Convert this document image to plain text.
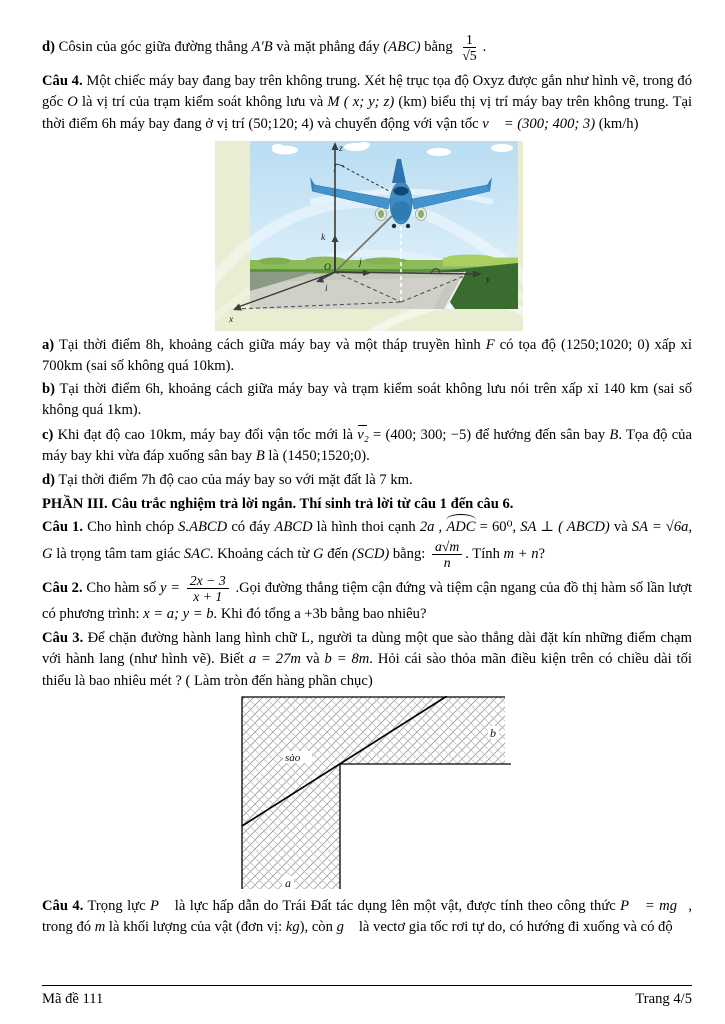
d) Côsin của góc giữa đường thẳng A′B và mặt phẳng đáy (ABC) bằng $\frac{1}{√5}$ .

Câu 4. Một chiếc máy bay đang bay trên không trung. Xét hệ trục tọa độ Oxyz được gắn như hình vẽ, trong đó gốc O là vị trí của trạm kiểm soát không lưu và M ( x; y; z) (km) biểu thị vị trí máy bay trên không trung. Tại thời điểm 6h máy bay đang ở vị trí (50;120; 4) và chuyển động với vận tốc v⃗ = (300; 400; 3) (km/h)

z
x
y
O
k⃗
i⃗
j⃗

a) Tại thời điểm 8h, khoảng cách giữa máy bay và một tháp truyền hình F có tọa độ (1250;1020; 0) xấp xỉ 700km (sai số không quá 10km).

b) Tại thời điểm 6h, khoảng cách giữa máy bay và trạm kiểm soát không lưu nói trên xấp xỉ 140 km (sai số không quá 1km).

c) Khi đạt độ cao 10km, máy bay đổi vận tốc mới là v₂ = (400; 300; −5) để hướng đến sân bay B. Tọa độ của máy bay khi vừa đáp xuống sân bay B là (1450;1520;0).

d) Tại thời điểm 7h độ cao của máy bay so với mặt đất là 7 km.

PHẦN III. Câu trắc nghiệm trả lời ngắn. Thí sinh trả lời từ câu 1 đến câu 6.

Câu 1. Cho hình chóp S.ABCD có đáy ABCD là hình thoi cạnh 2a , ADC = 60⁰, SA ⊥ ( ABCD) và SA = √6a, G là trọng tâm tam giác SAC. Khoảng cách từ G đến (SCD) bằng: $\frac{a√m}{n}$ . Tính m + n?

Câu 2. Cho hàm số $y = \frac{2x - 3}{x + 1}$ .Gọi đường thẳng tiệm cận đứng và tiệm cận ngang của đồ thị hàm số lần lượt có phương trình: x = a; y = b. Khi đó tổng a +3b bằng bao nhiêu?

Câu 3. Để chặn đường hành lang hình chữ L, người ta dùng một que sào thẳng dài đặt kín những điểm chạm với hành lang (như hình vẽ). Biết a = 27m và b = 8m. Hỏi cái sào thỏa mãn điều kiện trên có chiều dài tối thiểu là bao nhiêu mét ? ( Làm tròn đến hàng phần chục)

sào
a
b

Câu 4. Trọng lực P⃗ là lực hấp dẫn do Trái Đất tác dụng lên một vật, được tính theo công thức P⃗ = mg⃗, trong đó m là khối lượng của vật (đơn vị: kg), còn g⃗ là vectơ gia tốc rơi tự do, có hướng đi xuống và có độ

Mã đề 111	Trang 4/5
